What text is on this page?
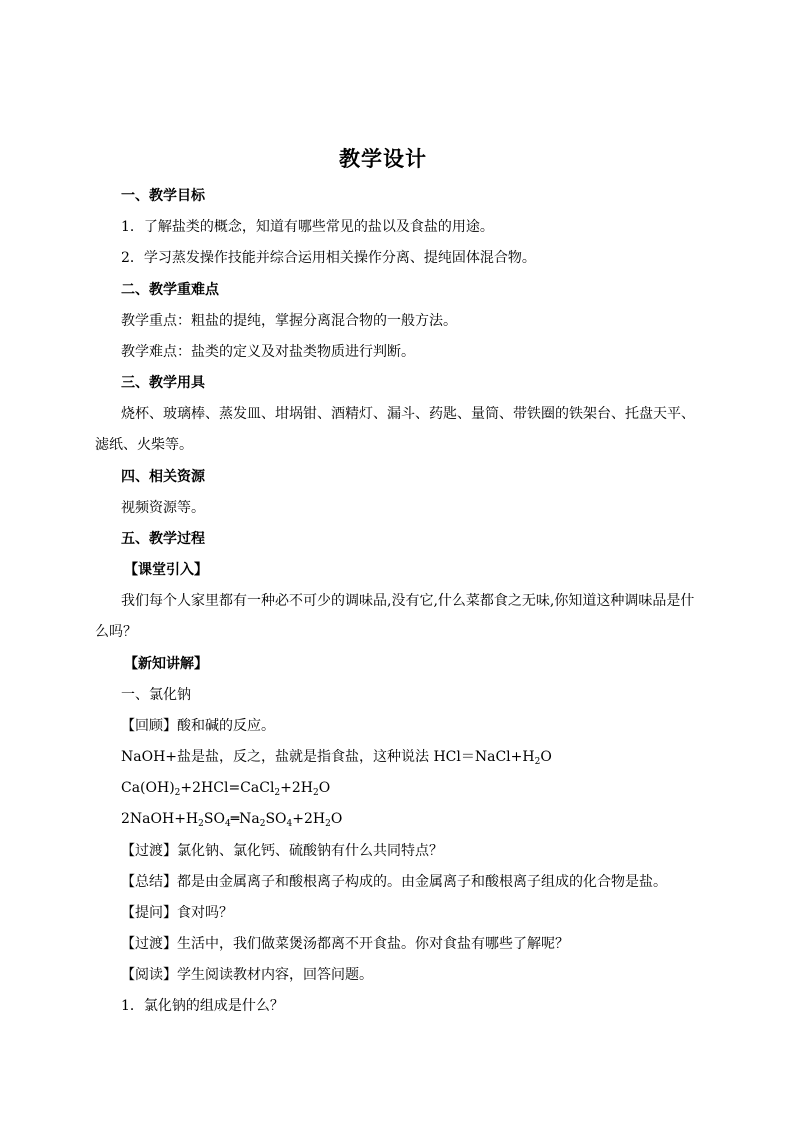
教学设计
一、教学目标
1．了解盐类的概念，知道有哪些常见的盐以及食盐的用途。
2．学习蒸发操作技能并综合运用相关操作分离、提纯固体混合物。
二、教学重难点
教学重点：粗盐的提纯，掌握分离混合物的一般方法。
教学难点：盐类的定义及对盐类物质进行判断。
三、教学用具
烧杯、玻璃棒、蒸发皿、坩埚钳、酒精灯、漏斗、药匙、量筒、带铁圈的铁架台、托盘天平、
滤纸、火柴等。
四、相关资源
视频资源等。
五、教学过程
【课堂引入】
我们每个人家里都有一种必不可少的调味品,没有它,什么菜都食之无味,你知道这种调味品是什
么吗？
【新知讲解】
一、氯化钠
【回顾】酸和碱的反应。
NaOH+盐是盐，反之，盐就是指食盐，这种说法 $HCl=NaCl+H_2O$
$Ca(OH)_2+2HCl=CaCl_2+2H_2O$
$2NaOH+H_2SO_4═Na_2SO_4+2H_2O$
【过渡】氯化钠、氯化钙、硫酸钠有什么共同特点？
【总结】都是由金属离子和酸根离子构成的。由金属离子和酸根离子组成的化合物是盐。
【提问】食对吗？
【过渡】生活中，我们做菜煲汤都离不开食盐。你对食盐有哪些了解呢？
【阅读】学生阅读教材内容，回答问题。
1．氯化钠的组成是什么？
